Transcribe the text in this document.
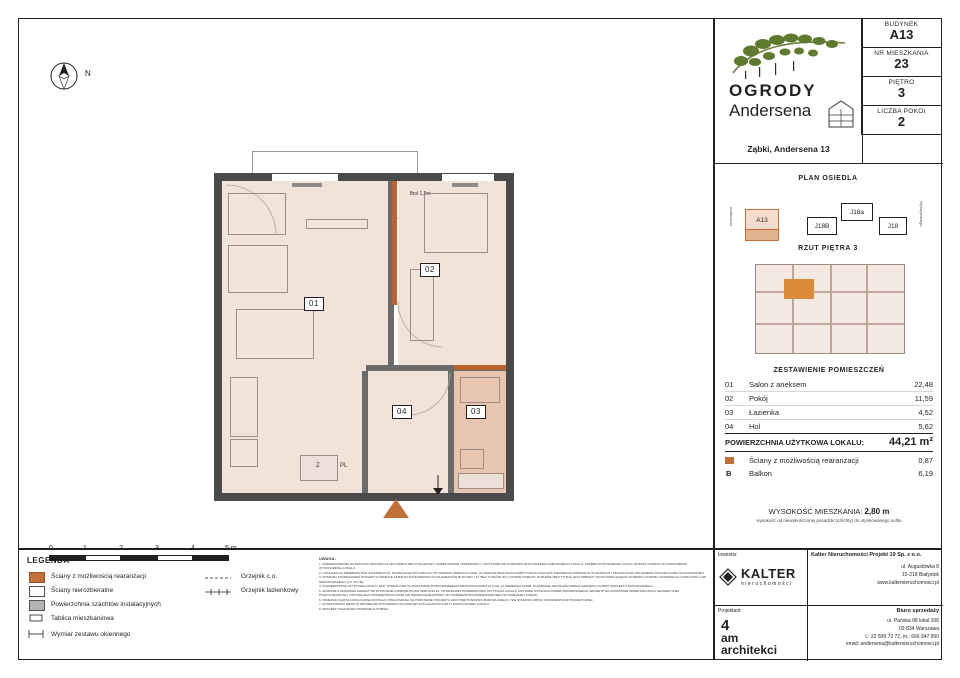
N
fbol 1,5m
Z	PL
01
02
03
04
0	1	2	3	4	5 m
LEGENDA
Ściany z możliwością rearanżacji
Ściany nierozbieralne
Powierzchnia szachtów instalacyjnych
Tablica mieszkaniowa
Wymiar zestawu okiennego
Grzejnik c.o.
Grzejnik łazienkowy
UWAGA:
1. PRZEDSTAWIONA NA RZUTACH ARANŻACJA MA CHARAKTER POGLĄDOWY, UMEBLOWANIE I PRZEDMIOTY UŻYTKOWE NIE STANOWIĄ WYPOSAŻENIA NABYWANEGO LOKALU; ZAKRES WYPOSAŻENIA LOKALU ZOSTAŁ OPISANY W STANDARDZIE WYKOŃCZENIA LOKALU.
2. LOKALIZACJA PRZEDMIOTÓW SANITARNYCH, DOPIEŃ ELEKTRYCZNYCH ITP. PODANO ORIENTACYJNIE, W TRAKCIE REALIZACJI ROBÓT MOGĄ NASTĄPIĆ NIEWIELKIE RÓŻNICE W WYMIARACH I TECHNOLOGII UKŁADZENIU PROJEKTOWEJ WYKONAWCZEJ.
3. WYMIARY POMIESZCZEŃ PODANO W ŚWIETLE SKIEŃ WYKOŃCZENIOWYCH ELEMENTÓW BUDYNKU (TJ. BEZ TYNKÓW ITD.) OTWÓR OKIENNY W MURZE (BEZ TYNKU) JEST WIĘKSZY OD POJAWIAJĄCEGO WYMIARU OTWORU OKIENNEGO O WIELKOŚĆ LUB NIEPOKAZANEGO (2 X 15 CM).
4. POWIERZCHNIA UŻYTKOWA LOKALU JEST OKREŚLONA NA PODSTAWIE ROZPORZĄDZENIA MINISTRA ROZWOJU Z DN. 11 WRZEŚNIA 2020R. W SPRAWIE SZCZEGÓŁOWEGO ZAKRESU I FORMY PROJEKTU BUDOWLANEGO.
5. ZGODNIE Z ZASADAMI ZAWARTYMI W POLSKIEJ NORMIE PN-ISO 9836:2015-12. OSTATECZNA POWIERZCHNIA UŻYTKOWA LOKALU ZOSTANIE USTALONA PRZEZ UPRAWNIONEGO GEODETĘ NA PODSTAWIE INWENTARYZACJI GEODEZYJNEJ POWYKONAWCZEJ, OSTATECZNA POWIERZCHNIA MOŻE SIĘ NIEZNACZNIE RÓŻNIĆ OD POWIERZCHNI PRZEDSTAWIONEJ NA NINIEJSZEJ KARCIE.
6. NINIEJSZA KARTA KATALOGOWA ZOSTAŁA OPRACOWANA NA PODSTAWIE PROJEKTU ARCHITEKTONICZNO-BUDOWLANEGO I NIE STANOWI CZĘŚCI DOKUMENTACJI PROJEKTOWEJ.
7. W PRZYPADKU ZMIAN W PROJEKCIE WYKONAWCZYM NASTĄPI AKTUALIZACJA KARTY KATALOGOWEJ LOKALU.
8. PROJEKT OGRODOWY PRAWNIE AUTORSKI.
OGRODY
Andersena
BUDYNEK
A13
NR MIESZKANIA
23
PIĘTRO
3
LICZBA POKOI
2
Ząbki, Andersena 13
PLAN OSIEDLA
Andersena	Wyszyńskiego
A13
J18B
J18a
J18
RZUT PIĘTRA 3
ZESTAWIENIE POMIESZCZEŃ
01 Salon z aneksem	22,48
02 Pokój	11,59
03 Łazienka	4,52
04 Hol	5,62
POWIERZCHNIA UŻYTKOWA LOKALU: 44,21 m²
Ściany z możliwością rearanżacji	0,87
B Balkon	6,19
WYSOKOŚĆ MIESZKANIA: 2,80 m
wysokość od niewykończonej posadzki (szlichty) do otynkowanego sufitu
Inwestor
KALTER
nieruchomości
Kalter Nieruchomości Projekt 19 Sp. z o.o.
ul. Augustówka 8
15-218 Białystok
www.kalternieruchomosci.pl
Projektant
4
am
architekci
Biuro sprzedaży
ul. Pańska 98 lokal 106
02-834 Warszawa
t.: 22 509 72 72, m.: 666 347 990
email: andersena@kalternieruchomosci.pl
